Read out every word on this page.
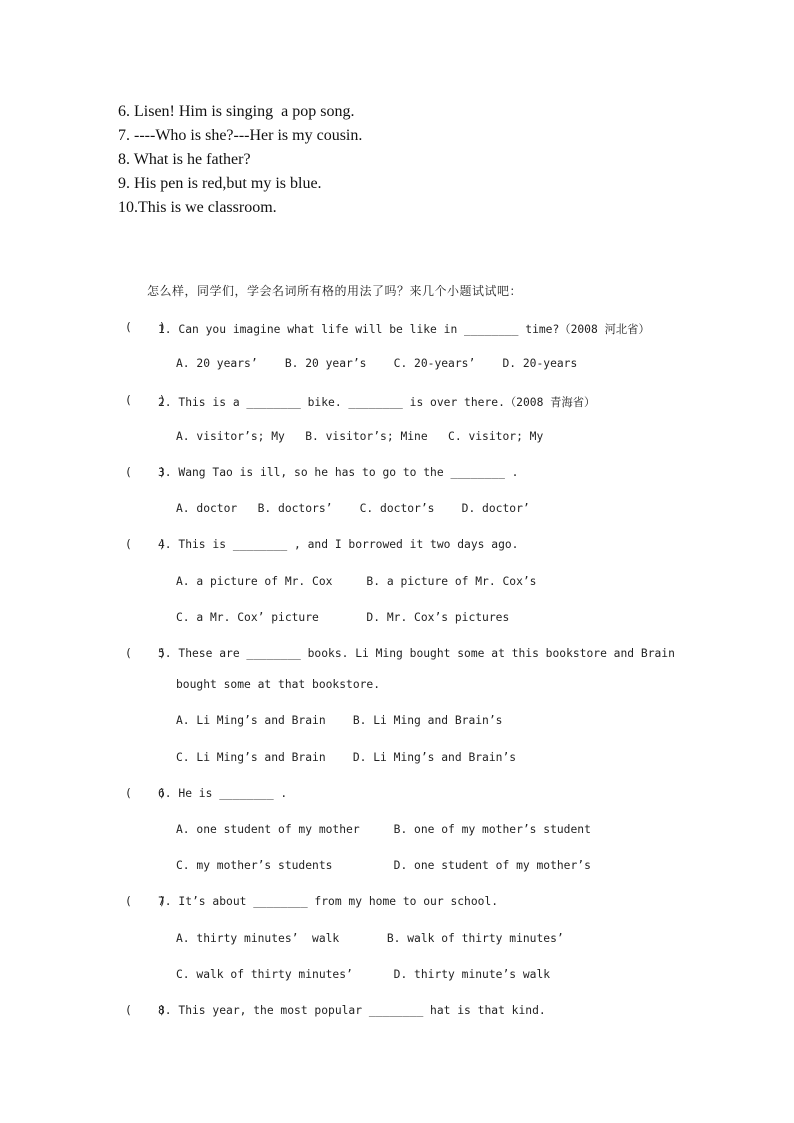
6. Lisen! Him is singing  a pop song.
7. ----Who is she?---Her is my cousin.
8. What is he father?
9. His pen is red,but my is blue.
10.This is we classroom.
怎么样，同学们，学会名词所有格的用法了吗？来几个小题试试吧：
(    )
1. Can you imagine what life will be like in ________ time?（2008 河北省）
A. 20 years’    B. 20 year’s    C. 20-years’    D. 20-years
(    )
2. This is a ________ bike. ________ is over there.（2008 青海省）
A. visitor’s; My   B. visitor’s; Mine   C. visitor; My
(    )
3. Wang Tao is ill, so he has to go to the ________ .
A. doctor   B. doctors’    C. doctor’s    D. doctor’
(    )
4. This is ________ , and I borrowed it two days ago.
A. a picture of Mr. Cox     B. a picture of Mr. Cox’s
C. a Mr. Cox’ picture       D. Mr. Cox’s pictures
(    )
5. These are ________ books. Li Ming bought some at this bookstore and Brain
bought some at that bookstore.
A. Li Ming’s and Brain    B. Li Ming and Brain’s
C. Li Ming’s and Brain    D. Li Ming’s and Brain’s
(    )
6. He is ________ .
A. one student of my mother     B. one of my mother’s student
C. my mother’s students         D. one student of my mother’s
(    )
7. It’s about ________ from my home to our school.
A. thirty minutes’  walk       B. walk of thirty minutes’
C. walk of thirty minutes’      D. thirty minute’s walk
(    )
8. This year, the most popular ________ hat is that kind.
